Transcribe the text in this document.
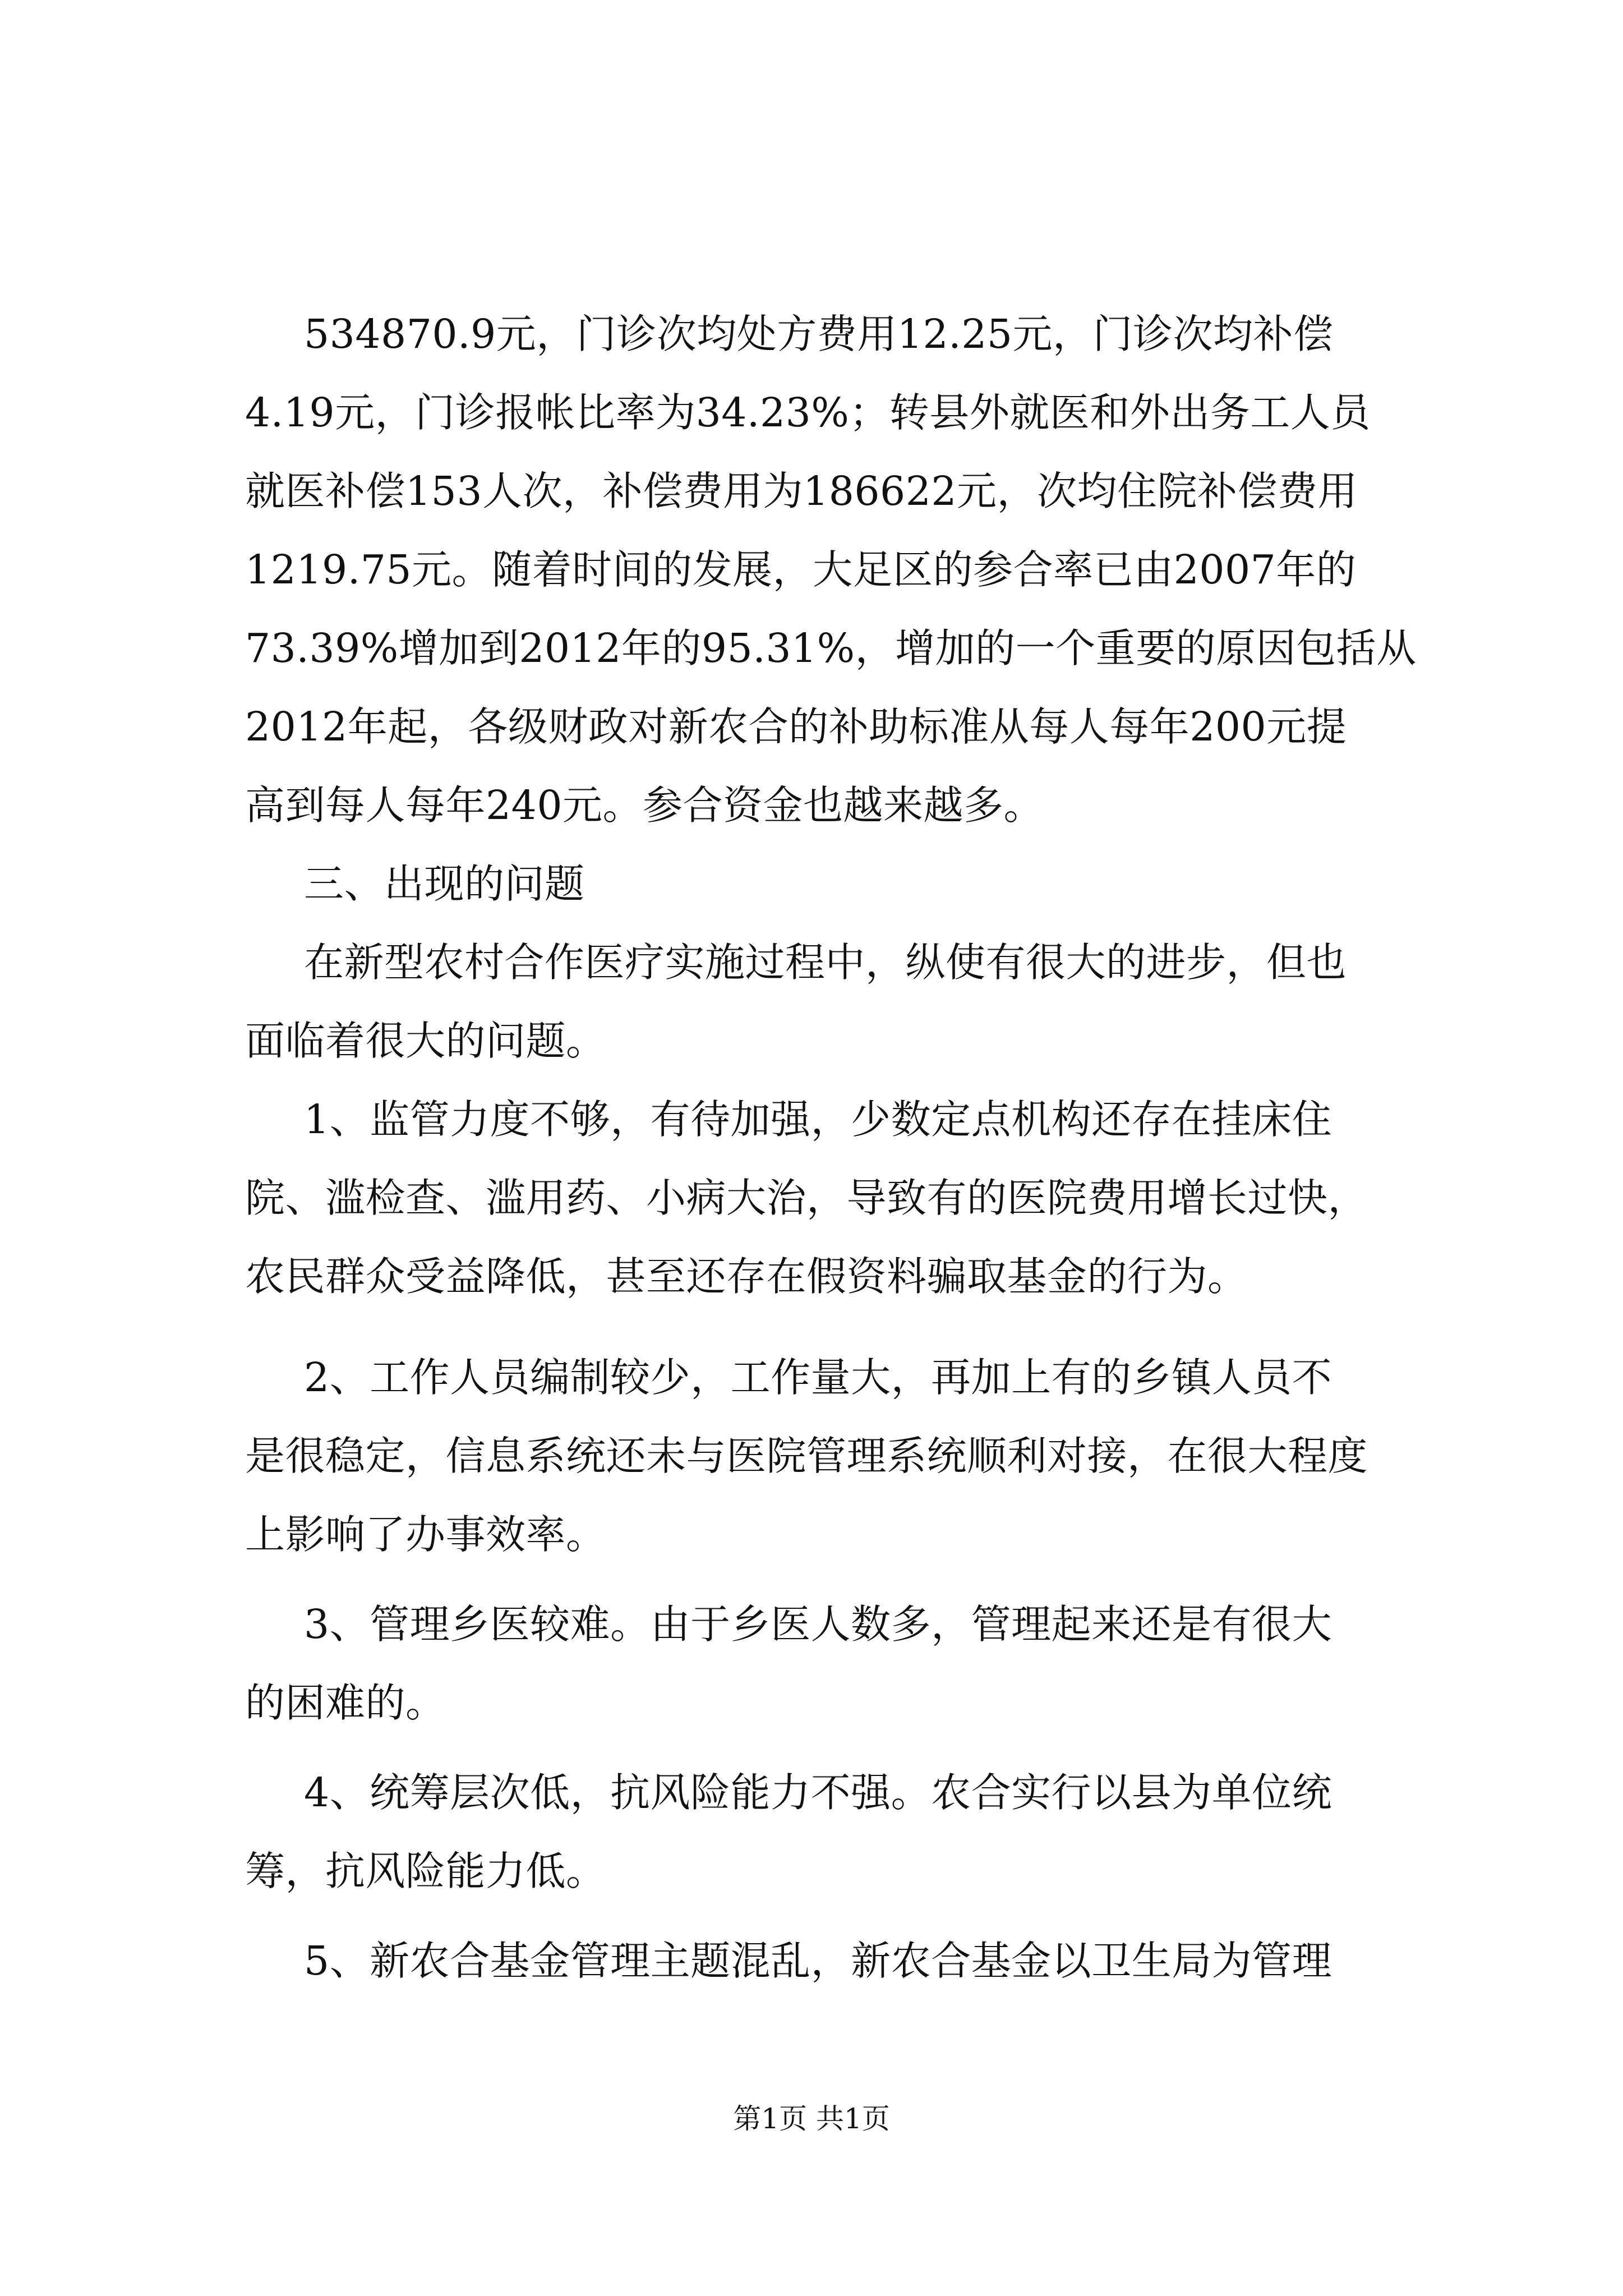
534870.9元，门诊次均处方费用12.25元，门诊次均补偿
4.19元，门诊报帐比率为34.23%；转县外就医和外出务工人员
就医补偿153人次，补偿费用为186622元，次均住院补偿费用
1219.75元。随着时间的发展，大足区的参合率已由2007年的
73.39%增加到2012年的95.31%，增加的一个重要的原因包括从
2012年起，各级财政对新农合的补助标准从每人每年200元提
高到每人每年240元。参合资金也越来越多。
三、出现的问题
在新型农村合作医疗实施过程中，纵使有很大的进步，但也
面临着很大的问题。
1、监管力度不够，有待加强，少数定点机构还存在挂床住
院、滥检查、滥用药、小病大治，导致有的医院费用增长过快，
农民群众受益降低，甚至还存在假资料骗取基金的行为。
2、工作人员编制较少，工作量大，再加上有的乡镇人员不
是很稳定，信息系统还未与医院管理系统顺利对接，在很大程度
上影响了办事效率。
3、管理乡医较难。由于乡医人数多，管理起来还是有很大
的困难的。
4、统筹层次低，抗风险能力不强。农合实行以县为单位统
筹，抗风险能力低。
5、新农合基金管理主题混乱，新农合基金以卫生局为管理
第1页 共1页
